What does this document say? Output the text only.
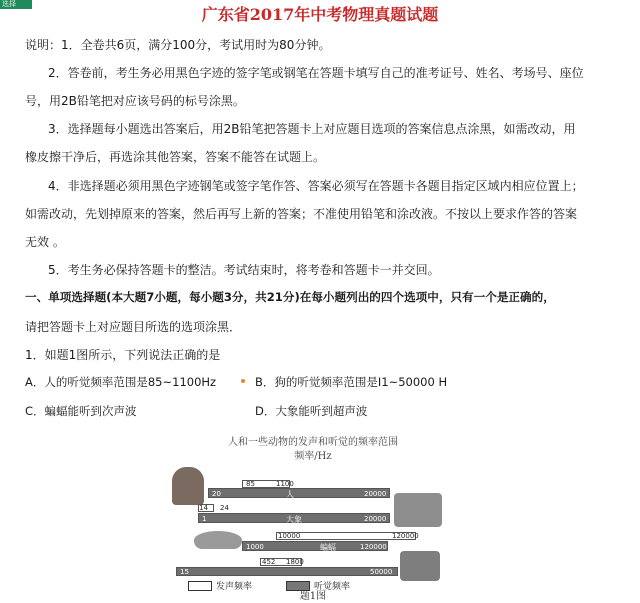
选择
广东省2017年中考物理真题试题
说明：1．全卷共6页，满分100分，考试用时为80分钟。
2．答卷前，考生务必用黑色字迹的签字笔或钢笔在答题卡填写自己的准考证号、姓名、考场号、座位
号，用2B铅笔把对应该号码的标号涂黑。
3．选择题每小题选出答案后，用2B铅笔把答题卡上对应题目选项的答案信息点涂黑，如需改动，用
橡皮擦干净后，再选涂其他答案，答案不能答在试题上。
4．非选择题必须用黑色字迹钢笔或签字笔作答、答案必须写在答题卡各题目指定区域内相应位置上；
如需改动，先划掉原来的答案，然后再写上新的答案；不准使用铅笔和涂改液。不按以上要求作答的答案
无效 。
5．考生务必保持答题卡的整洁。考试结束时，将考卷和答题卡一并交回。
一、单项选择题(本大题7小题，每小题3分，共21分)在每小题列出的四个选项中，只有一个是正确的，
请把答题卡上对应题目所选的选项涂黑．
1．如题1图所示，下列说法正确的是
A．人的听觉频率范围是85~1100Hz	B．狗的听觉频率范围是I1~50000 H
C．蝙蝠能听到次声波	D．大象能听到超声波
人和一些动物的发声和听觉的频率范围
频率/Hz
85	1100
20	人	20000
14 24
1	大象	20000
10000	120000
1000	蝙蝠	120000
452 1800
15	50000
发声频率	听觉频率
题1图
